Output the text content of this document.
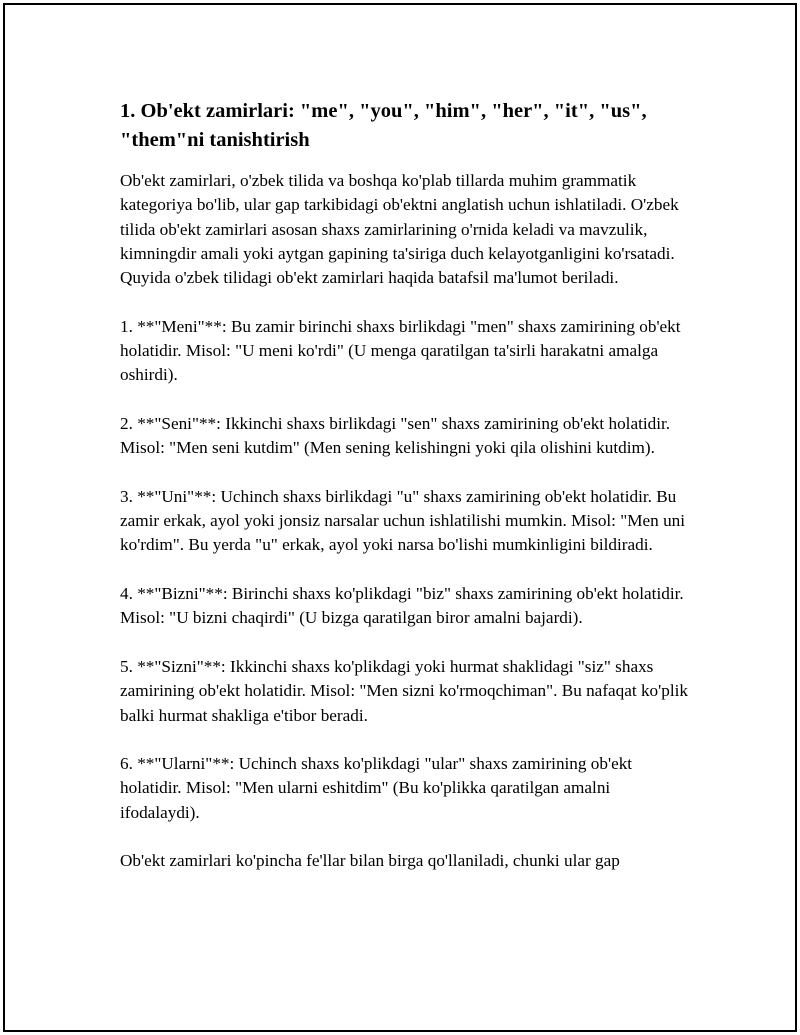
1. Ob'ekt zamirlari: "me", "you", "him", "her", "it", "us", "them"ni tanishtirish

Ob'ekt zamirlari, o'zbek tilida va boshqa ko'plab tillarda muhim grammatik kategoriya bo'lib, ular gap tarkibidagi ob'ektni anglatish uchun ishlatiladi. O'zbek tilida ob'ekt zamirlari asosan shaxs zamirlarining o'rnida keladi va mavzulik, kimningdir amali yoki aytgan gapining ta'siriga duch kelayotganligini ko'rsatadi. Quyida o'zbek tilidagi ob'ekt zamirlari haqida batafsil ma'lumot beriladi.

1. **"Meni"**: Bu zamir birinchi shaxs birlikdagi "men" shaxs zamirining ob'ekt holatidir. Misol: "U meni ko'rdi" (U menga qaratilgan ta'sirli harakatni amalga oshirdi).

2. **"Seni"**: Ikkinchi shaxs birlikdagi "sen" shaxs zamirining ob'ekt holatidir. Misol: "Men seni kutdim" (Men sening kelishingni yoki qila olishini kutdim).

3. **"Uni"**: Uchinch shaxs birlikdagi "u" shaxs zamirining ob'ekt holatidir. Bu zamir erkak, ayol yoki jonsiz narsalar uchun ishlatilishi mumkin. Misol: "Men uni ko'rdim". Bu yerda "u" erkak, ayol yoki narsa bo'lishi mumkinligini bildiradi.

4. **"Bizni"**: Birinchi shaxs ko'plikdagi "biz" shaxs zamirining ob'ekt holatidir. Misol: "U bizni chaqirdi" (U bizga qaratilgan biror amalni bajardi).

5. **"Sizni"**: Ikkinchi shaxs ko'plikdagi yoki hurmat shaklidagi "siz" shaxs zamirining ob'ekt holatidir. Misol: "Men sizni ko'rmoqchiman". Bu nafaqat ko'plik balki hurmat shakliga e'tibor beradi.

6. **"Ularni"**: Uchinch shaxs ko'plikdagi "ular" shaxs zamirining ob'ekt holatidir. Misol: "Men ularni eshitdim" (Bu ko'plikka qaratilgan amalni ifodalaydi).

Ob'ekt zamirlari ko'pincha fe'llar bilan birga qo'llaniladi, chunki ular gap
